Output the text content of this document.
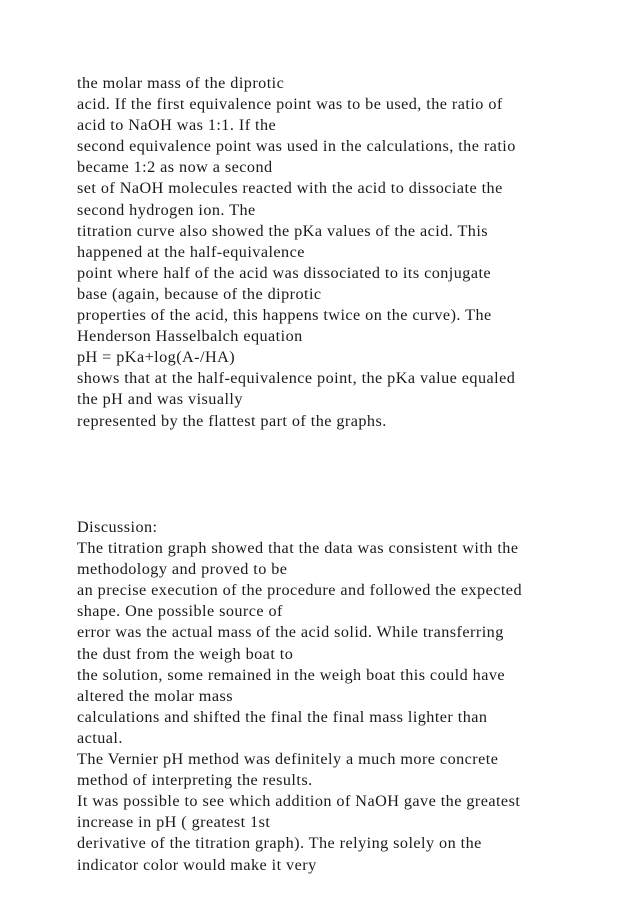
the molar mass of the diprotic
acid. If the first equivalence point was to be used, the ratio of
acid to NaOH was 1:1. If the
second equivalence point was used in the calculations, the ratio
became 1:2 as now a second
set of NaOH molecules reacted with the acid to dissociate the
second hydrogen ion. The
titration curve also showed the pKa values of the acid. This
happened at the half-equivalence
point where half of the acid was dissociated to its conjugate
base (again, because of the diprotic
properties of the acid, this happens twice on the curve). The
Henderson Hasselbalch equation
pH = pKa+log(A-/HA)
shows that at the half-equivalence point, the pKa value equaled
the pH and was visually
represented by the flattest part of the graphs.
Discussion:
The titration graph showed that the data was consistent with the
methodology and proved to be
an precise execution of the procedure and followed the expected
shape. One possible source of
error was the actual mass of the acid solid. While transferring
the dust from the weigh boat to
the solution, some remained in the weigh boat this could have
altered the molar mass
calculations and shifted the final the final mass lighter than
actual.
The Vernier pH method was definitely a much more concrete
method of interpreting the results.
It was possible to see which addition of NaOH gave the greatest
increase in pH ( greatest 1st
derivative of the titration graph). The relying solely on the
indicator color would make it very
